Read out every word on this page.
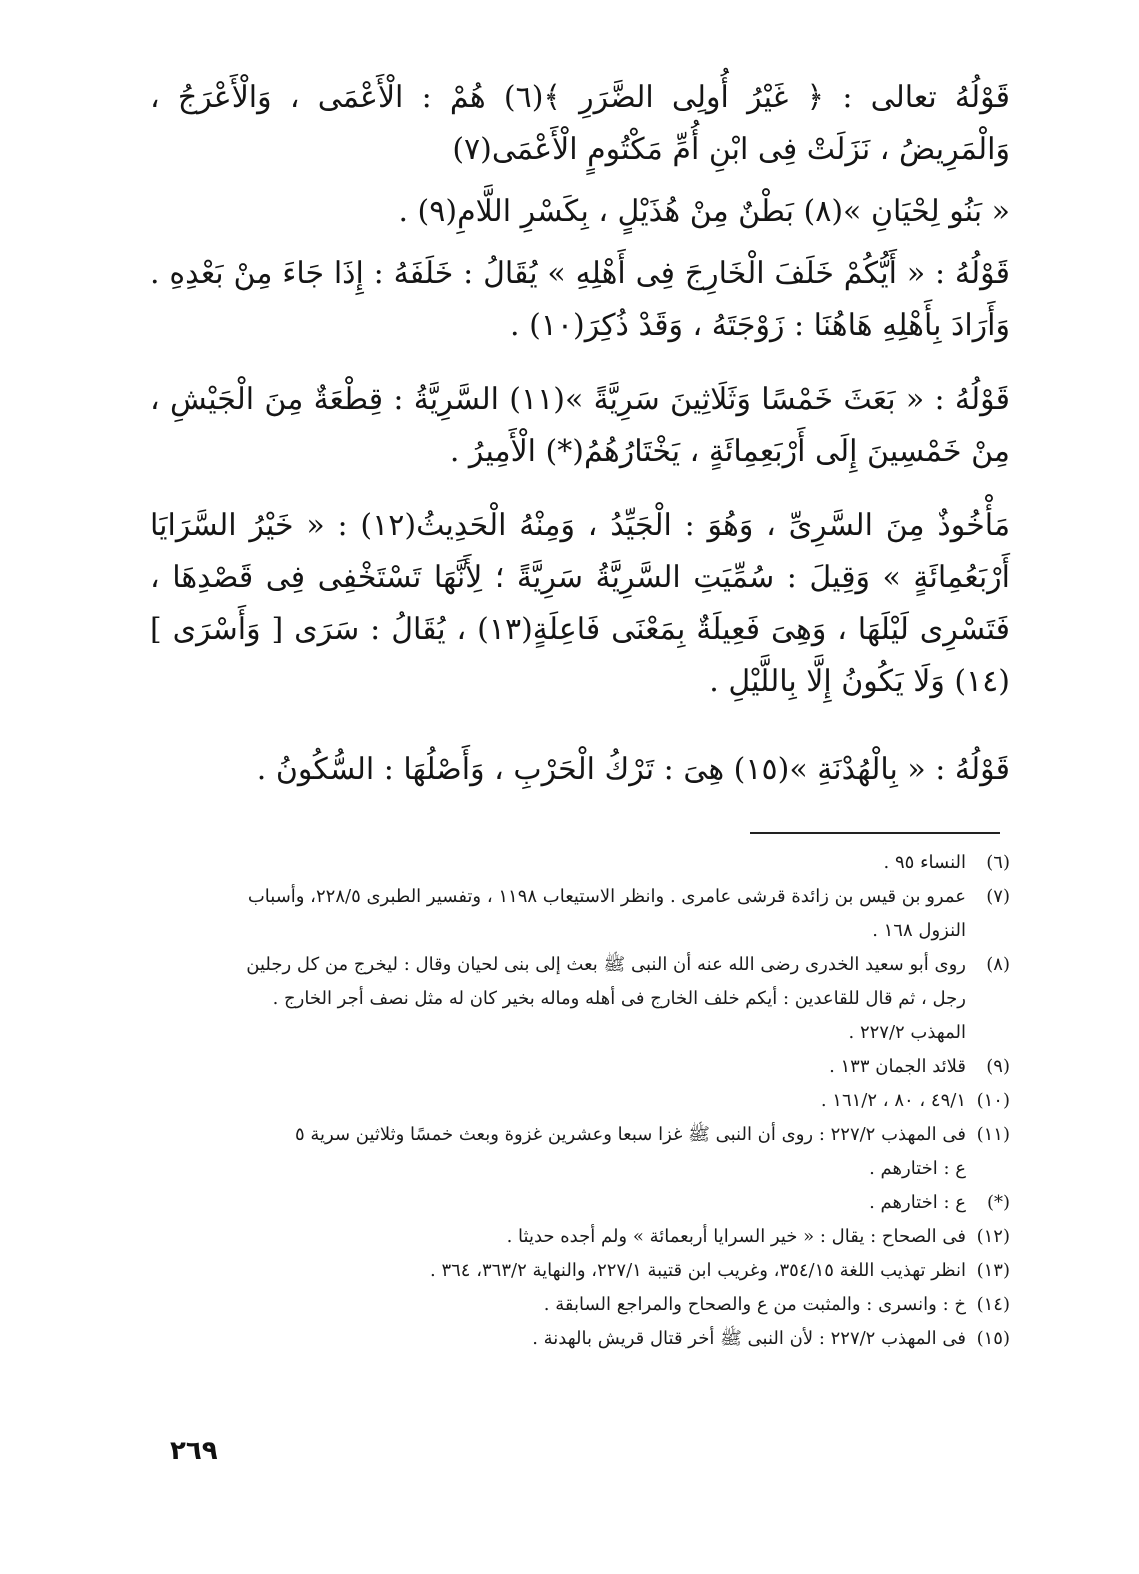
قَوْلُهُ تعالى : ﴿ غَيْرُ أُولِى الضَّرَرِ ﴾(٦) هُمْ : الْأَعْمَى ، وَالْأَعْرَجُ ، وَالْمَرِيضُ ، نَزَلَتْ فِى ابْنِ أُمِّ مَكْتُومٍ الْأَعْمَى(٧)

« بَنُو لِحْيَانِ »(٨) بَطْنٌ مِنْ هُذَيْلٍ ، بِكَسْرِ اللَّامِ(٩) .

قَوْلُهُ : « أَيُّكُمْ خَلَفَ الْخَارِجَ فِى أَهْلِهِ » يُقَالُ : خَلَفَهُ : إِذَا جَاءَ مِنْ بَعْدِهِ . وَأَرَادَ بِأَهْلِهِ هَاهُنَا : زَوْجَتَهُ ، وَقَدْ ذُكِرَ(١٠) .

قَوْلُهُ : « بَعَثَ خَمْسًا وَثَلَاثِينَ سَرِيَّةً »(١١) السَّرِيَّةُ : قِطْعَةٌ مِنَ الْجَيْشِ ، مِنْ خَمْسِينَ إِلَى أَرْبَعِمِائَةٍ ، يَخْتَارُهُمُ(*) الْأَمِيرُ .

مَأْخُوذٌ مِنَ السَّرِىِّ ، وَهُوَ : الْجَيِّدُ ، وَمِنْهُ الْحَدِيثُ(١٢) : « خَيْرُ السَّرَايَا أَرْبَعُمِائَةٍ » وَقِيلَ : سُمِّيَتِ السَّرِيَّةُ سَرِيَّةً ؛ لِأَنَّهَا تَسْتَخْفِى فِى قَصْدِهَا ، فَتَسْرِى لَيْلَهَا ، وَهِىَ فَعِيلَةٌ بِمَعْنَى فَاعِلَةٍ(١٣) ، يُقَالُ : سَرَى [ وَأَسْرَى ](١٤) وَلَا يَكُونُ إِلَّا بِاللَّيْلِ .

قَوْلُهُ : « بِالْهُدْنَةِ »(١٥) هِىَ : تَرْكُ الْحَرْبِ ، وَأَصْلُهَا : السُّكُونُ .

(٦)
النساء ٩٥ .
(٧)
عمرو بن قيس بن زائدة قرشى عامرى . وانظر الاستيعاب ١١٩٨ ، وتفسير الطبرى ٢٢٨/٥، وأسباب

النزول ١٦٨ .

(٨)
روى أبو سعيد الخدرى رضى الله عنه أن النبى ﷺ بعث إلى بنى لحيان وقال : ليخرج من كل رجلين

رجل ، ثم قال للقاعدين : أيكم خلف الخارج فى أهله وماله بخير كان له مثل نصف أجر الخارج .

المهذب ٢٢٧/٢ .

(٩)
قلائد الجمان ١٣٣ .
(١٠)
٤٩/١ ، ٨٠ ، ١٦١/٢ .
(١١)
فى المهذب ٢٢٧/٢ : روى أن النبى ﷺ غزا سبعا وعشرين غزوة وبعث خمسًا وثلاثين سرية ٥

ع : اختارهم .

(*)
ع : اختارهم .
(١٢)
فى الصحاح : يقال : « خير السرايا أربعمائة » ولم أجده حديثا .
(١٣)
انظر تهذيب اللغة ٣٥٤/١٥، وغريب ابن قتيبة ٢٢٧/١، والنهاية ٣٦٣/٢، ٣٦٤ .
(١٤)
خ : وانسرى : والمثبت من ع والصحاح والمراجع السابقة .
(١٥)
فى المهذب ٢٢٧/٢ : لأن النبى ﷺ أخر قتال قريش بالهدنة .
٢٦٩
